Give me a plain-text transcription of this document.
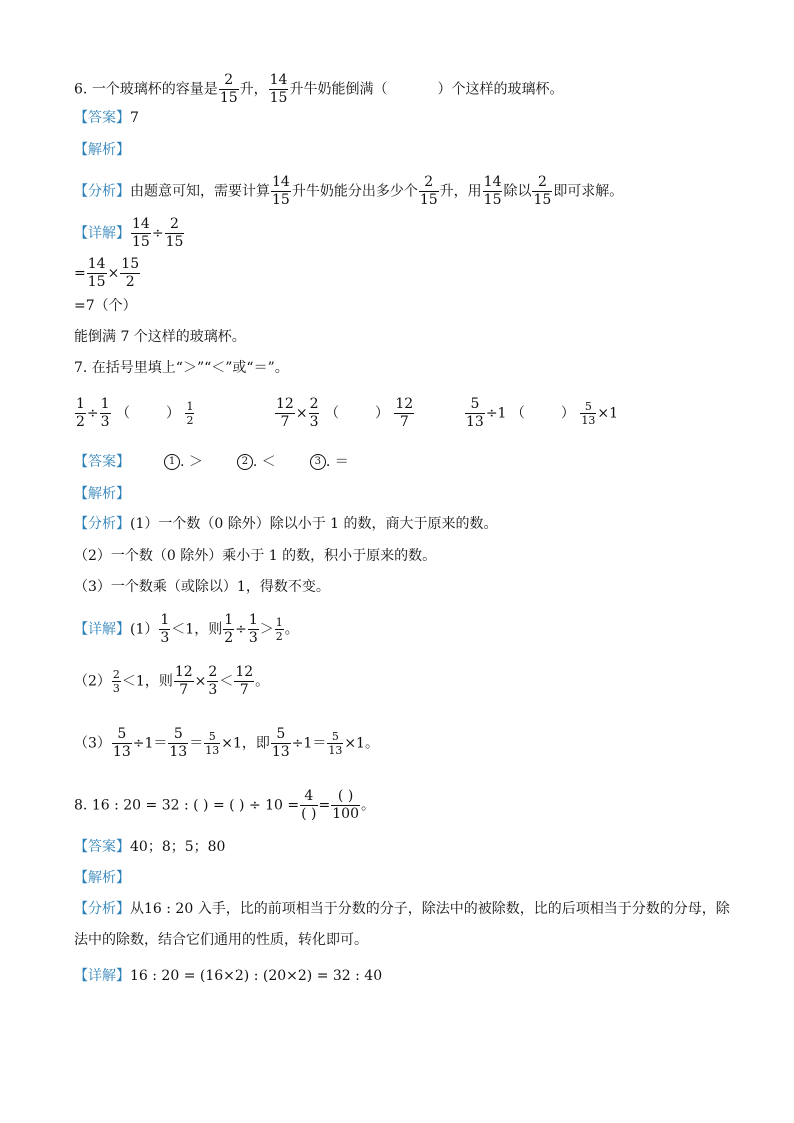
6. 一个玻璃杯的容量是 $\frac{2}{15}$ 升， $\frac{14}{15}$ 升牛奶能倒满（	）个这样的玻璃杯。
【答案】7
【解析】
【分析】由题意可知，需要计算 $\frac{14}{15}$ 升牛奶能分出多少个 $\frac{2}{15}$ 升，用 $\frac{14}{15}$ 除以 $\frac{2}{15}$ 即可求解。
【详解】 $\frac{14}{15} \div \frac{2}{15}$
= $\frac{14}{15} \times \frac{15}{2}$
=7（个）
能倒满 7 个这样的玻璃杯。
7. 在括号里填上“＞”“＜”或“＝”。
$\frac{1}{2} \div \frac{1}{3}$ （	） $\frac{1}{2}$	$\frac{12}{7} \times \frac{2}{3}$ （	） $\frac{12}{7}$	$\frac{5}{13} \div 1$ （	） $\frac{5}{13} \times 1$
【答案】	1 . ＞	2 . ＜	3 . ＝
【解析】
【分析】(1）一个数（0 除外）除以小于 1 的数，商大于原来的数。
（2）一个数（0 除外）乘小于 1 的数，积小于原来的数。
（3）一个数乘（或除以）1，得数不变。
【详解】$(1) \frac{1}{3} <1$，则 $\frac{1}{2} \div \frac{1}{3} > \frac{1}{2}$ 。
$(2) \frac{2}{3} <1$，则 $\frac{12}{7} \times \frac{2}{3} < \frac{12}{7}$ 。
$(3) \frac{5}{13} \div 1= \frac{5}{13} = \frac{5}{13} \times 1$，即 $\frac{5}{13} \div 1= \frac{5}{13} \times 1$。
8. 16 : 20 = 32 : ( ) = ( ) ÷ $10 = \frac{4}{( )} = \frac{( )}{100}$ 。
【答案】40；8；5；80
【解析】
【分析】从16 : 20 入手，比的前项相当于分数的分子，除法中的被除数，比的后项相当于分数的分母，除
法中的除数，结合它们通用的性质，转化即可。
【详解】16 : 20 = (16×2) : (20×2) = 32 : 40
